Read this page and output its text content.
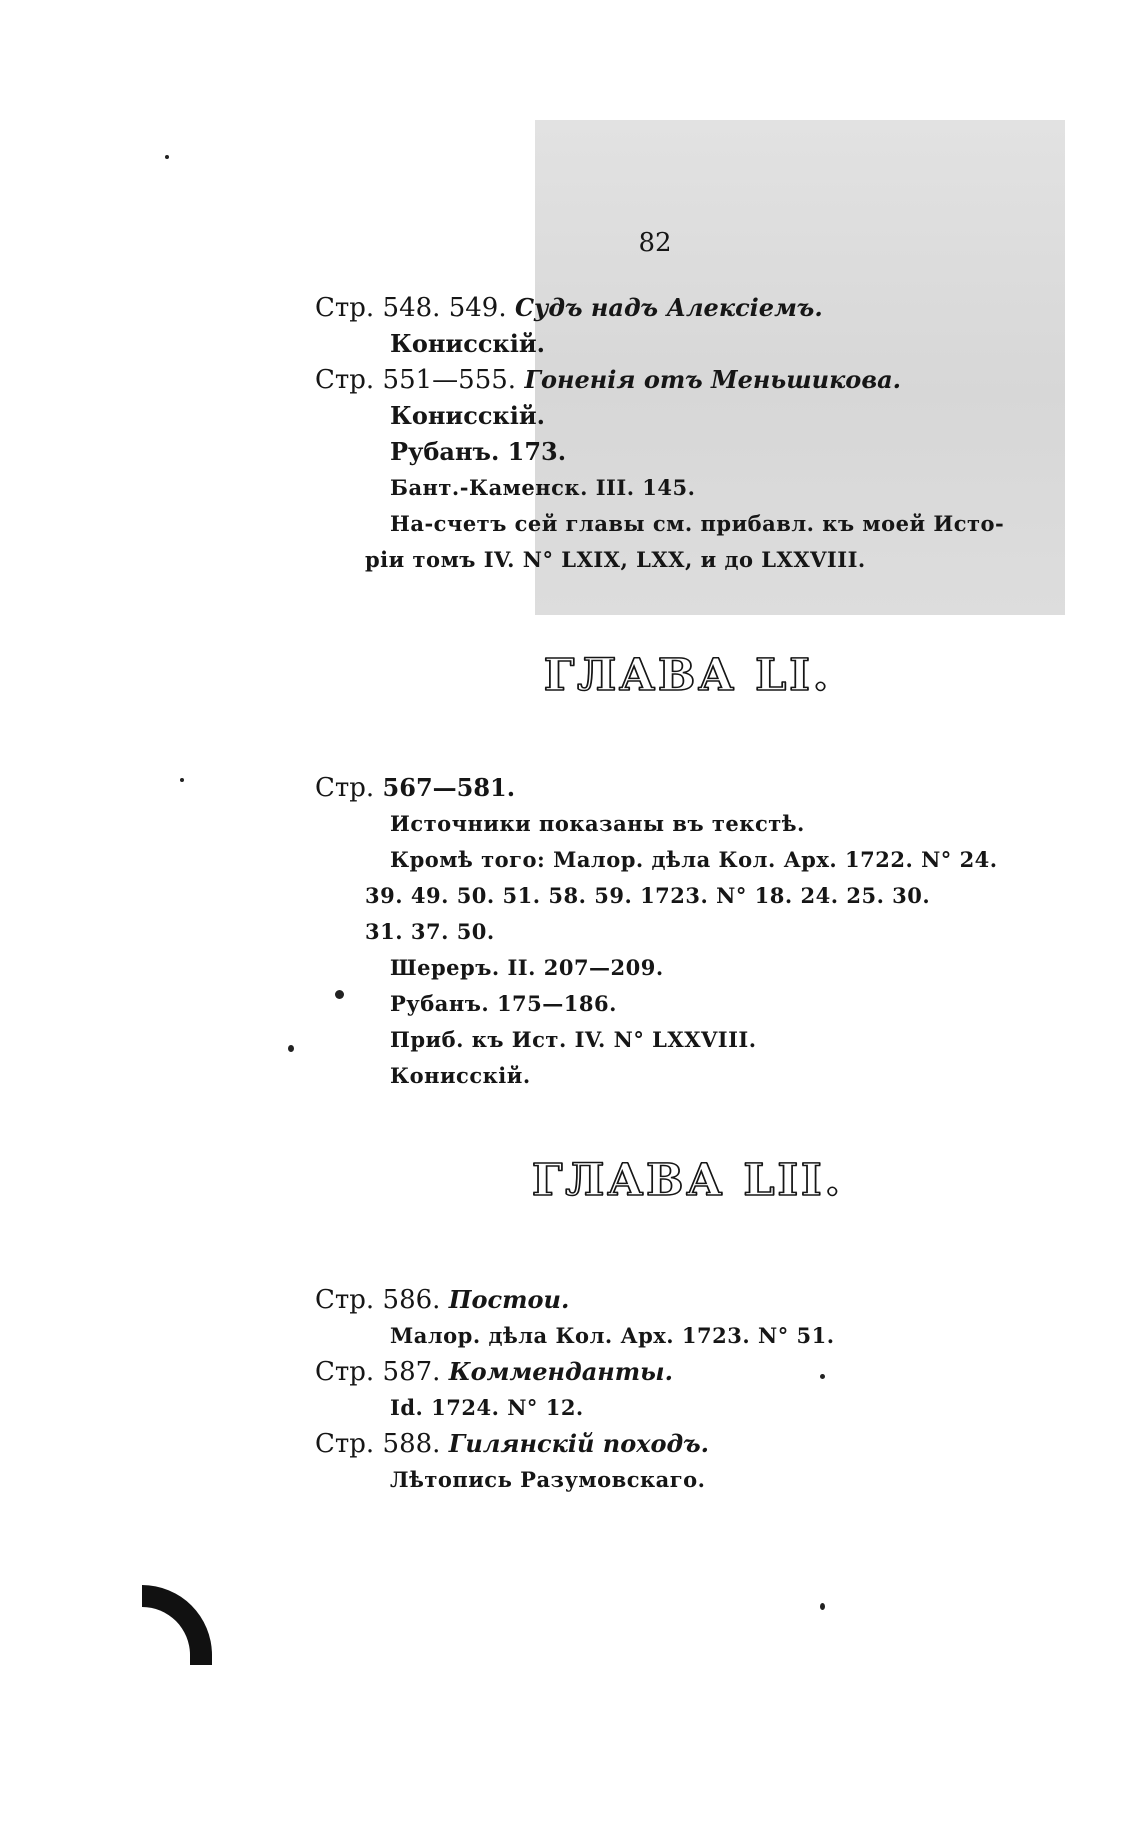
82
Стр. 548. 549. Судъ надъ Алексiемъ.
Конисскiй.
Стр. 551—555. Гоненiя отъ Меньшикова.
Конисскiй.
Рубанъ. 173.
Бант.-Каменск. III. 145.
На-счетъ сей главы см. прибавл. къ моей Исто-
рiи томъ IV. N° LXIX, LXX, и до LXXVIII.
ГЛАВА LI.
Стр. 567—581.
Источники показаны въ текстѣ.
Кромѣ того: Малор. дѣла Кол. Арх. 1722. N° 24.
39. 49. 50. 51. 58. 59. 1723. N° 18. 24. 25. 30.
31. 37. 50.
Шереръ. II. 207—209.
Рубанъ. 175—186.
Приб. къ Ист. IV. N° LXXVIII.
Конисскiй.
ГЛАВА LII.
Стр. 586. Постои.
Малор. дѣла Кол. Арх. 1723. N° 51.
Стр. 587. Комменданты.
Id. 1724. N° 12.
Стр. 588. Гилянскiй походъ.
Лѣтопись Разумовскаго.
